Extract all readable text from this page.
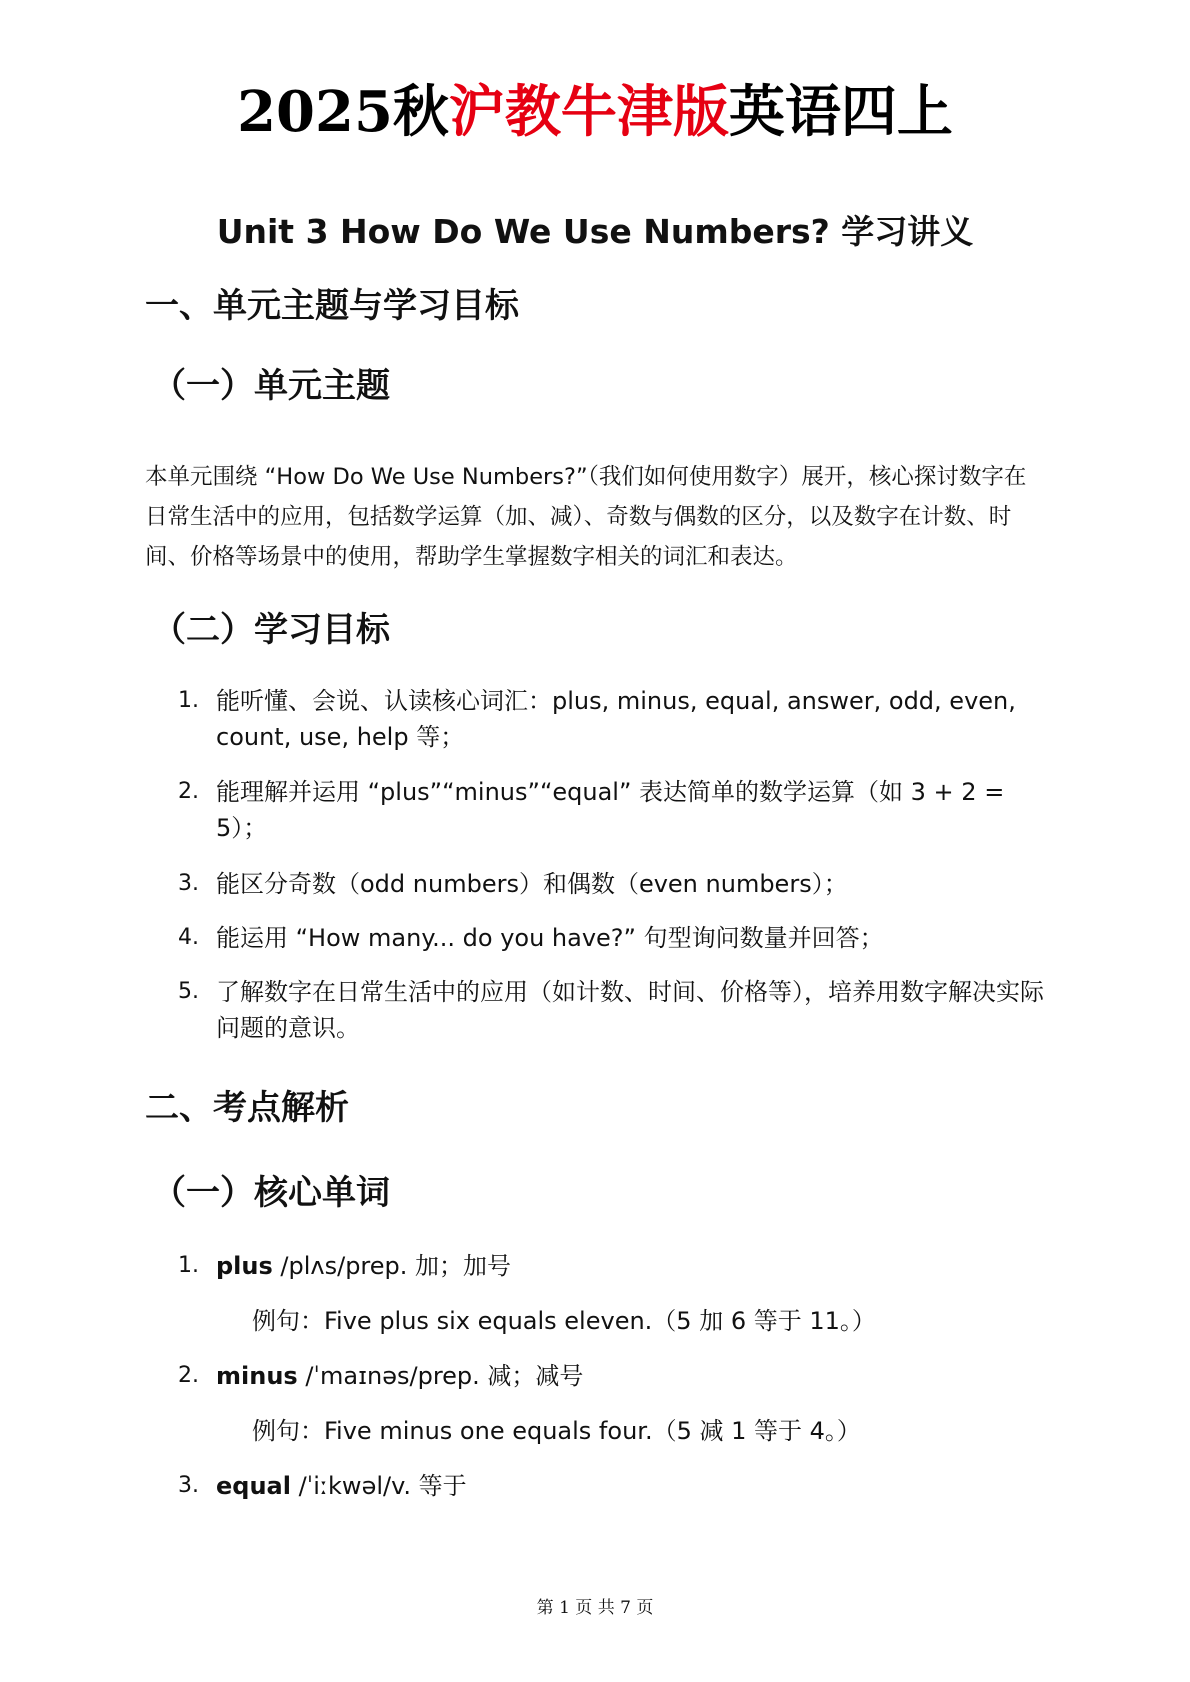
2025秋沪教牛津版英语四上
Unit 3 How Do We Use Numbers? 学习讲义
一、单元主题与学习目标
（一）单元主题
本单元围绕 “How Do We Use Numbers?”（我们如何使用数字）展开，核心探讨数字在日常生活中的应用，包括数学运算（加、减）、奇数与偶数的区分，以及数字在计数、时间、价格等场景中的使用，帮助学生掌握数字相关的词汇和表达。
（二）学习目标
1. 能听懂、会说、认读核心词汇：plus, minus, equal, answer, odd, even, count, use, help 等；
2. 能理解并运用 “plus”“minus”“equal” 表达简单的数学运算（如 3 + 2 = 5）；
3. 能区分奇数（odd numbers）和偶数（even numbers）；
4. 能运用 “How many... do you have?” 句型询问数量并回答；
5. 了解数字在日常生活中的应用（如计数、时间、价格等），培养用数字解决实际问题的意识。
二、考点解析
（一）核心单词
1. plus /plʌs/prep. 加；加号
例句：Five plus six equals eleven.（5 加 6 等于 11。）
2. minus /ˈmaɪnəs/prep. 减；减号
例句：Five minus one equals four.（5 减 1 等于 4。）
3. equal /ˈiːkwəl/v. 等于
第 1 页 共 7 页
